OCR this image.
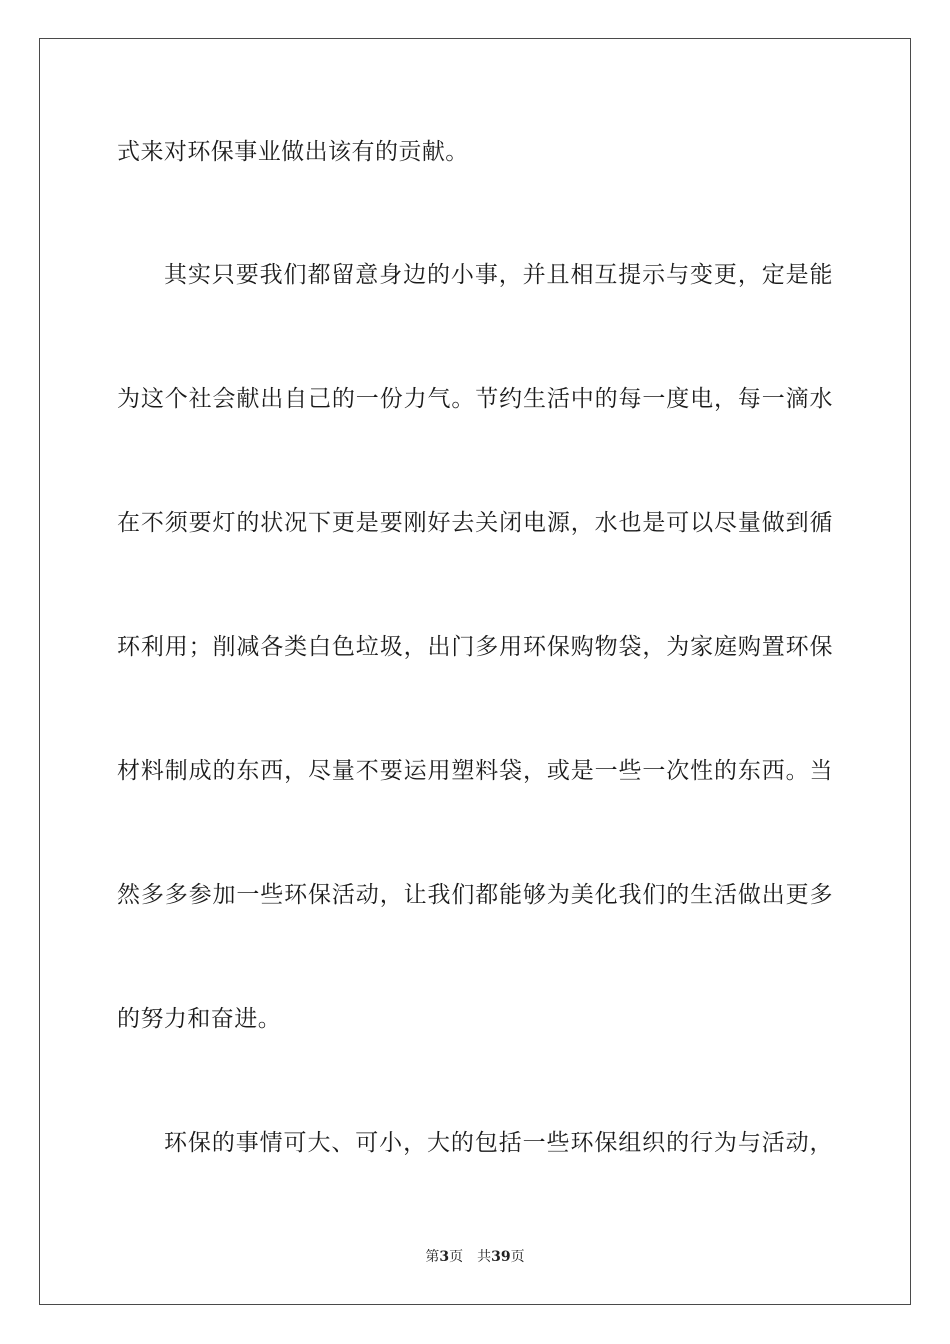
式来对环保事业做出该有的贡献。
其实只要我们都留意身边的小事，并且相互提示与变更，定是能
为这个社会献出自己的一份力气。节约生活中的每一度电，每一滴水
在不须要灯的状况下更是要刚好去关闭电源，水也是可以尽量做到循
环利用；削减各类白色垃圾，出门多用环保购物袋，为家庭购置环保
材料制成的东西，尽量不要运用塑料袋，或是一些一次性的东西。当
然多多参加一些环保活动，让我们都能够为美化我们的生活做出更多
的努力和奋进。
环保的事情可大、可小，大的包括一些环保组织的行为与活动，
第3页 共39页
